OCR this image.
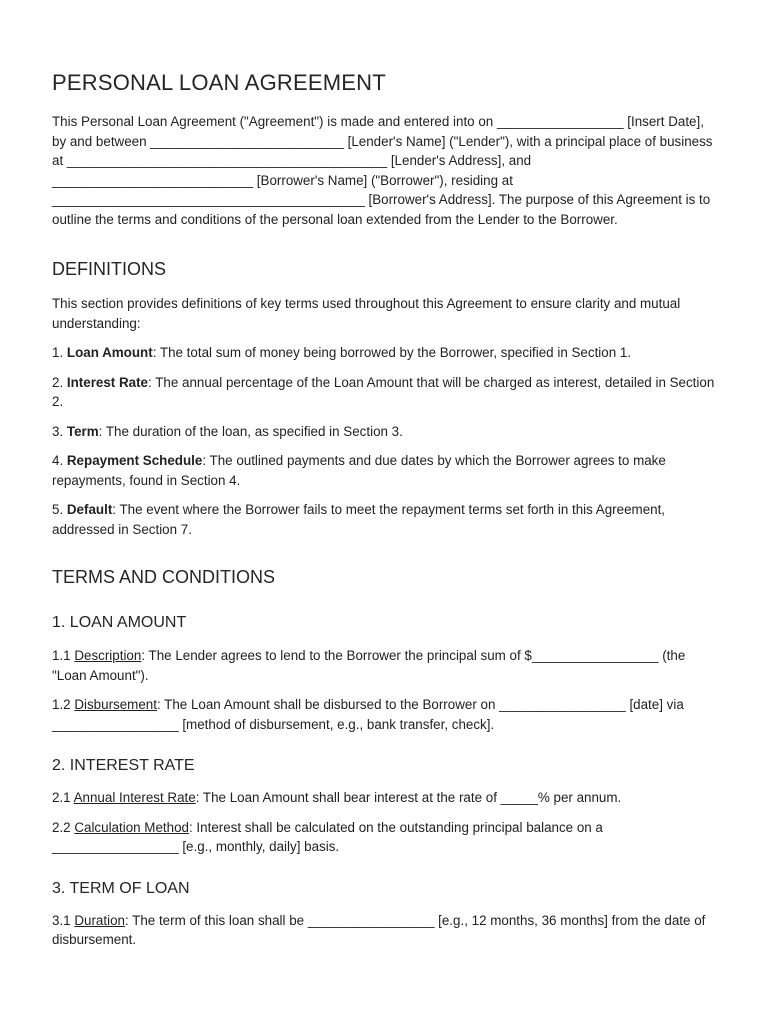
PERSONAL LOAN AGREEMENT

This Personal Loan Agreement ("Agreement") is made and entered into on _________________ [Insert Date], by and between __________________________ [Lender's Name] ("Lender"), with a principal place of business at ___________________________________________ [Lender's Address], and ___________________________ [Borrower's Name] ("Borrower"), residing at __________________________________________ [Borrower's Address]. The purpose of this Agreement is to outline the terms and conditions of the personal loan extended from the Lender to the Borrower.

DEFINITIONS

This section provides definitions of key terms used throughout this Agreement to ensure clarity and mutual understanding:

1. Loan Amount: The total sum of money being borrowed by the Borrower, specified in Section 1.

2. Interest Rate: The annual percentage of the Loan Amount that will be charged as interest, detailed in Section 2.

3. Term: The duration of the loan, as specified in Section 3.

4. Repayment Schedule: The outlined payments and due dates by which the Borrower agrees to make repayments, found in Section 4.

5. Default: The event where the Borrower fails to meet the repayment terms set forth in this Agreement, addressed in Section 7.

TERMS AND CONDITIONS
1. LOAN AMOUNT

1.1 Description: The Lender agrees to lend to the Borrower the principal sum of $_________________ (the "Loan Amount").

1.2 Disbursement: The Loan Amount shall be disbursed to the Borrower on _________________ [date] via _________________ [method of disbursement, e.g., bank transfer, check].

2. INTEREST RATE

2.1 Annual Interest Rate: The Loan Amount shall bear interest at the rate of _____% per annum.

2.2 Calculation Method: Interest shall be calculated on the outstanding principal balance on a _________________ [e.g., monthly, daily] basis.

3. TERM OF LOAN

3.1 Duration: The term of this loan shall be _________________ [e.g., 12 months, 36 months] from the date of disbursement.
